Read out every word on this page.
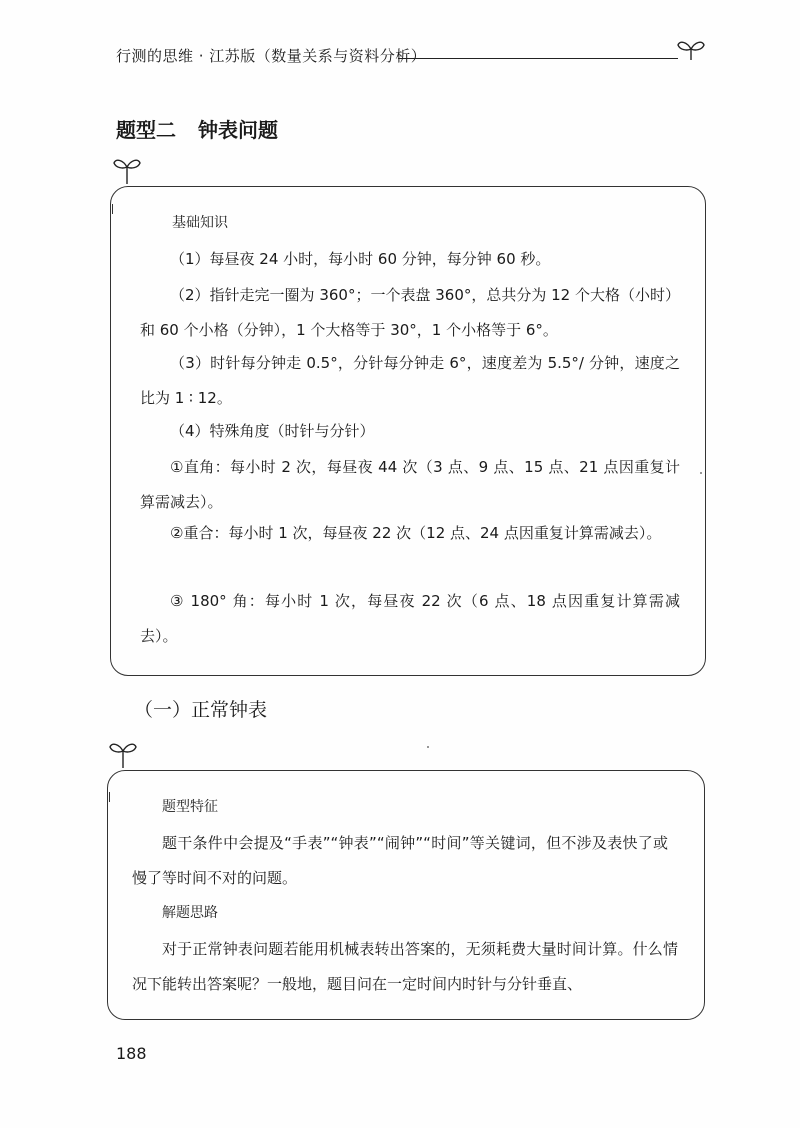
行测的思维 · 江苏版（数量关系与资料分析）
题型二 钟表问题

基础知识

（1）每昼夜 24 小时，每小时 60 分钟，每分钟 60 秒。

（2）指针走完一圈为 360°；一个表盘 360°，总共分为 12 个大格（小时）和 60 个小格（分钟），1 个大格等于 30°，1 个小格等于 6°。

（3）时针每分钟走 0.5°，分针每分钟走 6°，速度差为 5.5°/ 分钟，速度之比为 1 ∶ 12。

（4）特殊角度（时针与分针）

①直角：每小时 2 次，每昼夜 44 次（3 点、9 点、15 点、21 点因重复计算需减去）。

②重合：每小时 1 次，每昼夜 22 次（12 点、24 点因重复计算需减去）。

③ 180° 角：每小时 1 次，每昼夜 22 次（6 点、18 点因重复计算需减去）。

（一）正常钟表

题型特征

题干条件中会提及“手表”“钟表”“闹钟”“时间”等关键词，但不涉及表快了或慢了等时间不对的问题。

解题思路

对于正常钟表问题若能用机械表转出答案的，无须耗费大量时间计算。什么情况下能转出答案呢？一般地，题目问在一定时间内时针与分针垂直、

188
